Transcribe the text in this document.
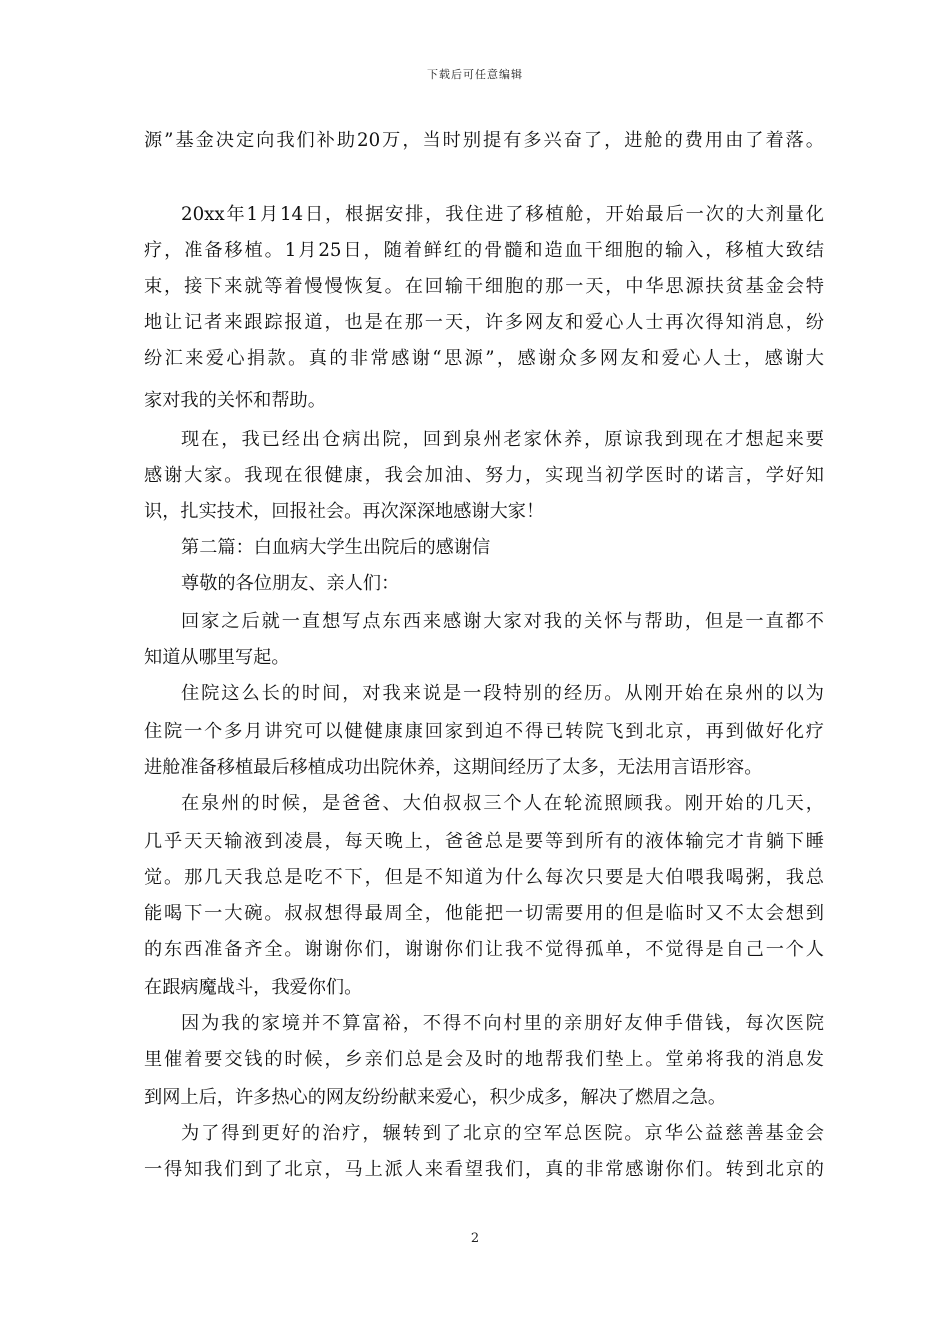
下载后可任意编辑
源”基金决定向我们补助20万，当时别提有多兴奋了，进舱的费用由了着落。
20xx年1月14日，根据安排，我住进了移植舱，开始最后一次的大剂量化
疗，准备移植。1月25日，随着鲜红的骨髓和造血干细胞的输入，移植大致结
束，接下来就等着慢慢恢复。在回输干细胞的那一天，中华思源扶贫基金会特
地让记者来跟踪报道，也是在那一天，许多网友和爱心人士再次得知消息，纷
纷汇来爱心捐款。真的非常感谢“思源”，感谢众多网友和爱心人士，感谢大
家对我的关怀和帮助。
现在，我已经出仓病出院，回到泉州老家休养，原谅我到现在才想起来要
感谢大家。我现在很健康，我会加油、努力，实现当初学医时的诺言，学好知
识，扎实技术，回报社会。再次深深地感谢大家！
第二篇：白血病大学生出院后的感谢信
尊敬的各位朋友、亲人们：
回家之后就一直想写点东西来感谢大家对我的关怀与帮助，但是一直都不
知道从哪里写起。
住院这么长的时间，对我来说是一段特别的经历。从刚开始在泉州的以为
住院一个多月讲究可以健健康康回家到迫不得已转院飞到北京，再到做好化疗
进舱准备移植最后移植成功出院休养，这期间经历了太多，无法用言语形容。
在泉州的时候，是爸爸、大伯叔叔三个人在轮流照顾我。刚开始的几天，
几乎天天输液到凌晨，每天晚上，爸爸总是要等到所有的液体输完才肯躺下睡
觉。那几天我总是吃不下，但是不知道为什么每次只要是大伯喂我喝粥，我总
能喝下一大碗。叔叔想得最周全，他能把一切需要用的但是临时又不太会想到
的东西准备齐全。谢谢你们，谢谢你们让我不觉得孤单，不觉得是自己一个人
在跟病魔战斗，我爱你们。
因为我的家境并不算富裕，不得不向村里的亲朋好友伸手借钱，每次医院
里催着要交钱的时候，乡亲们总是会及时的地帮我们垫上。堂弟将我的消息发
到网上后，许多热心的网友纷纷献来爱心，积少成多，解决了燃眉之急。
为了得到更好的治疗，辗转到了北京的空军总医院。京华公益慈善基金会
一得知我们到了北京，马上派人来看望我们，真的非常感谢你们。转到北京的
2
